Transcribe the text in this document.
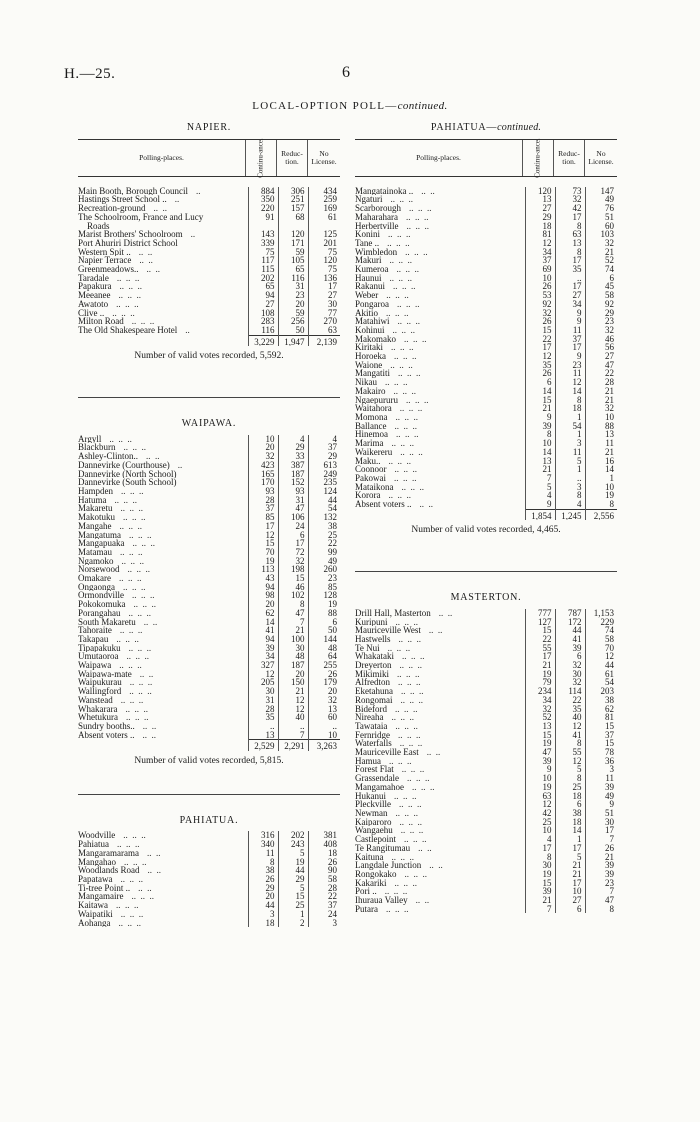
H.—25.	6
LOCAL-OPTION POLL—continued.
NAPIER.
Polling-places.	Continu-ance.	Reduc-tion.
No License.
Main Booth, Borough Council ..	884	306	434
Hastings Street School .. ..	350	251	259
Recreation-ground ..  ..	220	157	169
The Schoolroom, France and Lucy	91	68	61
Roads			
Marist Brothers' Schoolroom ..	143	120	125
Port Ahuriri District School	339	171	201
Western Spit .. ..  ..	75	59	75
Napier Terrace ..  ..	117	105	120
Greenmeadows.. ..  ..	115	65	75
Taradale ..  ..  ..	202	116	136
Papakura ..  ..  ..	65	31	17
Meeanee ..  ..  ..	94	23	27
Awatoto ..  ..  ..	27	20	30
Clive .. ..  ..  ..	108	59	77
Milton Road ..  ..  ..	283	256	270
The Old Shakespeare Hotel ..	116	50	63
	3,229	1,947	2,139
Number of valid votes recorded, 5,592.
WAIPAWA.
Argyll ..  ..  ..	10	4	4
Blackburn ..  ..  ..	20	29	37
Ashley-Clinton.. ..  ..	32	33	29
Dannevirke (Courthouse) ..	423	387	613
Dannevirke (North School)	165	187	249
Dannevirke (South School)	170	152	235
Hampden ..  ..  ..	93	93	124
Hatuma ..  ..  ..	28	31	44
Makaretu ..  ..  ..	37	47	54
Makotuku ..  ..  ..	85	106	132
Mangahe ..  ..  ..	17	24	38
Mangatuma ..  ..  ..	12	6	25
Mangapuaka ..  ..  ..	15	17	22
Matamau ..  ..  ..	70	72	99
Ngamoko ..  ..  ..	19	32	49
Norsewood ..  ..  ..	113	198	260
Omakare ..  ..  ..	43	15	23
Ongaonga ..  ..  ..	94	46	85
Ormondville ..  ..  ..	98	102	128
Pokokomuka ..  ..  ..	20	8	19
Porangahau ..  ..  ..	62	47	88
South Makaretu ..  ..	14	7	6
Tahoraite ..  ..  ..	41	21	50
Takapau ..  ..  ..	94	100	144
Tipapakuku ..  ..  ..	39	30	48
Umutaoroa ..  ..  ..	34	48	64
Waipawa ..  ..  ..	327	187	255
Waipawa-mate ..  ..	12	20	26
Waipukurau ..  ..  ..	205	150	179
Wallingford ..  ..  ..	30	21	20
Wanstead ..  ..  ..	31	12	32
Whakarara ..  ..  ..	28	12	13
Whetukura ..  ..  ..	35	40	60
Sundry booths.. ..  ..	..	..	..
Absent voters .. ..  ..	13	7	10
	2,529	2,291	3,263
Number of valid votes recorded, 5,815.
PAHIATUA.
Woodville ..  ..  ..	316	202	381
Pahiatua ..  ..  ..	340	243	408
Mangaramarama ..  ..	11	5	18
Mangahao ..  ..  ..	8	19	26
Woodlands Road ..  ..	38	44	90
Papatawa ..  ..  ..	26	29	58
Ti-tree Point .. ..  ..	29	5	28
Mangamaire ..  ..  ..	20	15	22
Kaitawa ..  ..  ..	44	25	37
Waipatiki ..  ..  ..	3	1	24
Aohanga ..  ..  ..	18	2	3
PAHIATUA—continued.
Polling-places.	Continu-ance.	Reduc-tion.
No License.
Mangatainoka .. ..  ..	120	73	147
Ngaturi ..  ..  ..	13	32	49
Scarborough ..  ..  ..	27	42	76
Maharahara ..  ..  ..	29	17	51
Herbertville ..  ..  ..	18	8	60
Konini ..  ..  ..	81	63	103
Tane .. ..  ..  ..	12	13	32
Wimbledon ..  ..  ..	34	8	21
Makuri ..  ..  ..	37	17	52
Kumeroa ..  ..  ..	69	35	74
Haunui ..  ..  ..	10	..	6
Rakanui ..  ..  ..	26	17	45
Weber ..  ..  ..	53	27	58
Pongaroa ..  ..  ..	92	34	92
Akitio ..  ..  ..	32	9	29
Matahiwi ..  ..  ..	26	9	23
Kohinui ..  ..  ..	15	11	32
Makomako ..  ..  ..	22	37	46
Kiritaki ..  ..  ..	17	17	56
Horoeka ..  ..  ..	12	9	27
Waione ..  ..  ..	35	23	47
Mangatiti ..  ..  ..	26	11	22
Nikau ..  ..  ..	6	12	28
Makairo ..  ..  ..	14	14	21
Ngaepururu ..  ..  ..	15	8	21
Waitahora ..  ..  ..	21	18	32
Momona ..  ..  ..	9	1	10
Ballance ..  ..  ..	39	54	88
Hinemoa ..  ..  ..	8	1	13
Marima ..  ..  ..	10	3	11
Waikereru ..  ..  ..	14	11	21
Maku.. ..  ..  ..	13	5	16
Coonoor ..  ..  ..	21	1	14
Pakowai ..  ..  ..	7	..	1
Mataikona ..  ..  ..	5	3	10
Korora ..  ..  ..	4	8	19
Absent voters .. ..  ..	9	4	8
	1,854	1,245	2,556
Number of valid votes recorded, 4,465.
MASTERTON.
Drill Hall, Masterton ..  ..	777	787	1,153
Kuripuni ..  ..  ..	127	172	229
Mauriceville West ..  ..	15	44	74
Hastwells ..  ..  ..	22	41	58
Te Nui ..  ..  ..	55	39	70
Whakataki ..  ..  ..	17	6	12
Dreyerton ..  ..  ..	21	32	44
Mikimiki ..  ..  ..	19	30	61
Alfredton ..  ..  ..	79	32	54
Eketahuna ..  ..  ..	234	114	203
Rongomai ..  ..  ..	34	22	38
Bideford ..  ..  ..	32	35	62
Nireaha ..  ..  ..	52	40	81
Tawataia ..  ..  ..	13	12	15
Fernridge ..  ..  ..	15	41	37
Waterfalls ..  ..  ..	19	8	15
Mauriceville East ..  ..	47	55	78
Hamua ..  ..  ..	39	12	36
Forest Flat ..  ..  ..	9	5	3
Grassendale ..  ..  ..	10	8	11
Mangamahoe ..  ..  ..	19	25	39
Hukanui ..  ..  ..	63	18	49
Pleckville ..  ..  ..	12	6	9
Newman ..  ..  ..	42	38	51
Kaiparoro ..  ..  ..	25	18	30
Wangaehu ..  ..  ..	10	14	17
Castlepoint ..  ..  ..	4	1	7
Te Rangitumau ..  ..	17	17	26
Kaituna ..  ..  ..	8	5	21
Langdale Junction ..  ..	30	21	39
Rongokako ..  ..  ..	19	21	39
Kakariki ..  ..  ..	15	17	23
Pori .. ..  ..  ..	39	10	7
Ihuraua Valley ..  ..	21	27	47
Putara ..  ..  ..	7	6	8
